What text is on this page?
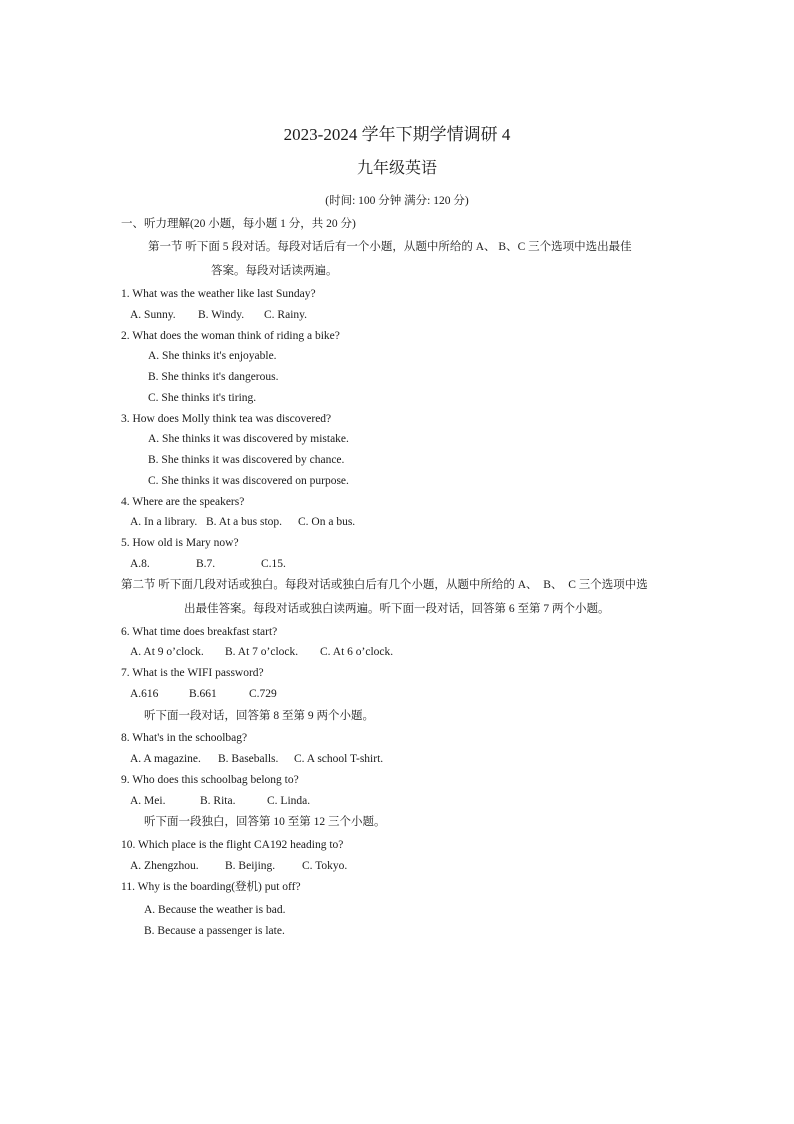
2023-2024 学年下期学情调研 4
九年级英语
(时间: 100 分钟 满分: 120 分)
一、听力理解(20 小题，每小题 1 分，共 20 分)
第一节 听下面 5 段对话。每段对话后有一个小题，从题中所给的 A、 B、C 三个选项中选出最佳
答案。每段对话读两遍。
1. What was the weather like last Sunday?
A. Sunny. B. Windy. C. Rainy.
2. What does the woman think of riding a bike?
A. She thinks it's enjoyable.
B. She thinks it's dangerous.
C. She thinks it's tiring.
3. How does Molly think tea was discovered?
A. She thinks it was discovered by mistake.
B. She thinks it was discovered by chance.
C. She thinks it was discovered on purpose.
4. Where are the speakers?
A. In a library. B. At a bus stop. C. On a bus.
5. How old is Mary now?
A.8.	B.7.	C.15.
第二节 听下面几段对话或独白。每段对话或独白后有几个小题，从题中所给的 A、  B、  C 三个选项中选
出最佳答案。每段对话或独白读两遍。听下面一段对话，回答第 6 至第 7 两个小题。
6. What time does breakfast start?
A. At 9 o’clock. B. At 7 o’clock. C. At 6 o’clock.
7. What is the WIFI password?
A.616	B.661	C.729
听下面一段对话，回答第 8 至第 9 两个小题。
8. What's in the schoolbag?
A. A magazine. B. Baseballs. C. A school T-shirt.
9. Who does this schoolbag belong to?
A. Mei.	B. Rita.	C. Linda.
听下面一段独白，回答第 10 至第 12 三个小题。
10. Which place is the flight CA192 heading to?
A. Zhengzhou. B. Beijing. C. Tokyo.
11. Why is the boarding(登机) put off?
A. Because the weather is bad.
B. Because a passenger is late.
